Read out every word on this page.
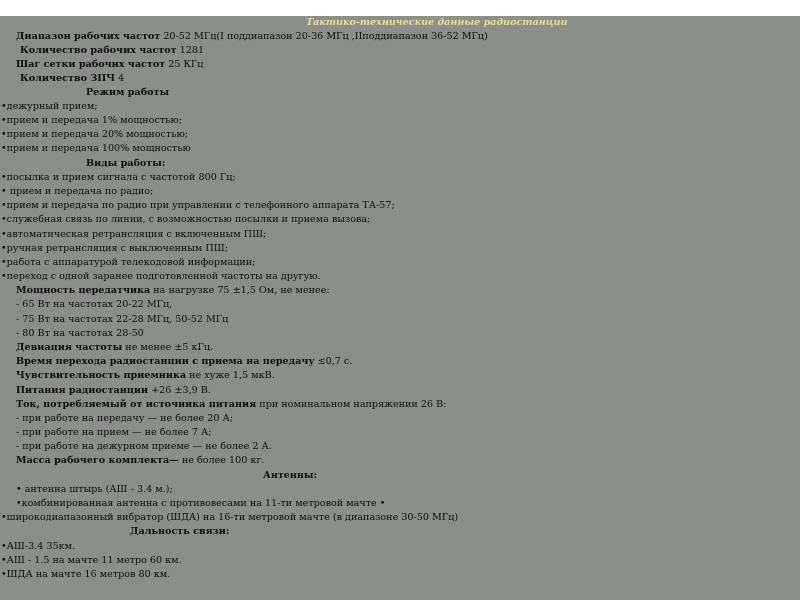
Тактико-технические данные радиостанции
Диапазон рабочих частот 20-52 МГц(I поддиапазон 20-36 МГц ,IIподдиапазон 36-52 МГц)
Количество рабочих частот 1281
Шаг сетки рабочих частот 25 КГц
Количество ЗПЧ 4
Режим работы
•дежурный прием;
•прием и передача 1% мощностью;
•прием и передача 20% мощностью;
•прием и передача 100% мощностью
Виды работы:
•посылка и прием сигнала с частотой 800 Гц;
• прием и передача по радио;
•прием и передача по радио при управлении с телефонного аппарата ТА-57;
•служебная связь по линии, с возможностью посылки и приема вызова;
•автоматическая ретрансляция с включенным ПШ;
•ручная ретрансляция с выключенным ПШ;
•работа с аппаратурой телекодовой информации;
•переход с одной заранее подготовленной частоты на другую.
Мощность передатчика на нагрузке 75 ±1,5 Ом, не менее:
- 65 Вт на частотах 20-22 МГц,
- 75 Вт на частотах 22-28 МГц, 50-52 МГц
- 80 Вт на частотах 28-50
Девиация частоты не менее ±5 кГц.
Время перехода радиостанции с приема на передачу ≤0,7 с.
Чувствительность приемника не хуже 1,5 мкВ.
Питания радиостанции +26 ±3,9 В.
Ток, потребляемый от источника питания при номинальном напряжении 26 В:
- при работе на передачу — не более 20 А;
- при работе на прием — не более 7 А;
- при работе на дежурном приеме — не более 2 А.
Масса рабочего комплекта— не более 100 кг.
Антенны:
• антенна штырь (АШ - 3.4 м.);
•комбинированная антенна с противовесами на 11-ти метровой мачте •
•широкодиапазонный вибратор (ШДА) на 16-ти метровой мачте (в диапазоне 30-50 МГц)
Дальность связи:
•АШ-3.4 35км.
•АШ - 1.5 на мачте 11 метро 60 км.
•ШДА на мачте 16 метров 80 км.
